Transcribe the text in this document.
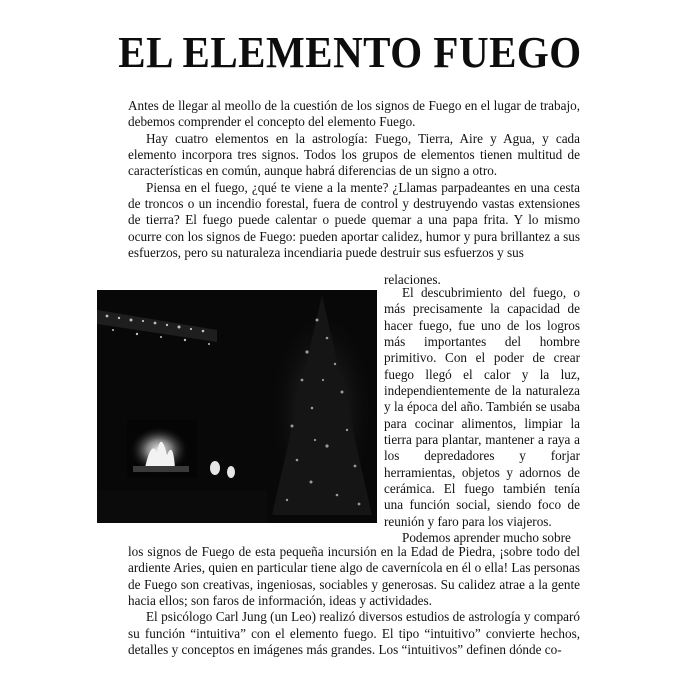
EL ELEMENTO FUEGO

Antes de llegar al meollo de la cuestión de los signos de Fuego en el lugar de trabajo, debemos comprender el concepto del elemento Fuego.

Hay cuatro elementos en la astrología: Fuego, Tierra, Aire y Agua, y cada elemento incorpora tres signos. Todos los grupos de elementos tienen multitud de características en común, aunque habrá diferencias de un signo a otro.

Piensa en el fuego, ¿qué te viene a la mente? ¿Llamas parpadeantes en una cesta de troncos o un incendio forestal, fuera de control y destruyendo vastas extensiones de tierra? El fuego puede calentar o puede quemar a una papa frita. Y lo mismo ocurre con los signos de Fuego: pueden aportar calidez, humor y pura brillantez a sus esfuerzos, pero su naturaleza incendiaria puede destruir sus esfuerzos y sus

relaciones.

El descubrimiento del fuego, o más precisamente la capacidad de hacer fuego, fue uno de los logros más importantes del hombre primitivo. Con el poder de crear fuego llegó el calor y la luz, independientemente de la naturaleza y la época del año. También se usaba para cocinar alimentos, limpiar la tierra para plantar, mantener a raya a los depredadores y forjar herramientas, objetos y adornos de cerámica. El fuego también tenía una función social, siendo foco de reunión y faro para los viajeros.

Podemos aprender mucho sobre

los signos de Fuego de esta pequeña incursión en la Edad de Piedra, ¡sobre todo del ardiente Aries, quien en particular tiene algo de cavernícola en él o ella! Las personas de Fuego son creativas, ingeniosas, sociables y generosas. Su calidez atrae a la gente hacia ellos; son faros de información, ideas y actividades.

El psicólogo Carl Jung (un Leo) realizó diversos estudios de astrología y comparó su función “intuitiva” con el elemento fuego. El tipo “intuitivo” convierte hechos, detalles y conceptos en imágenes más grandes. Los “intuitivos” definen dónde co-
